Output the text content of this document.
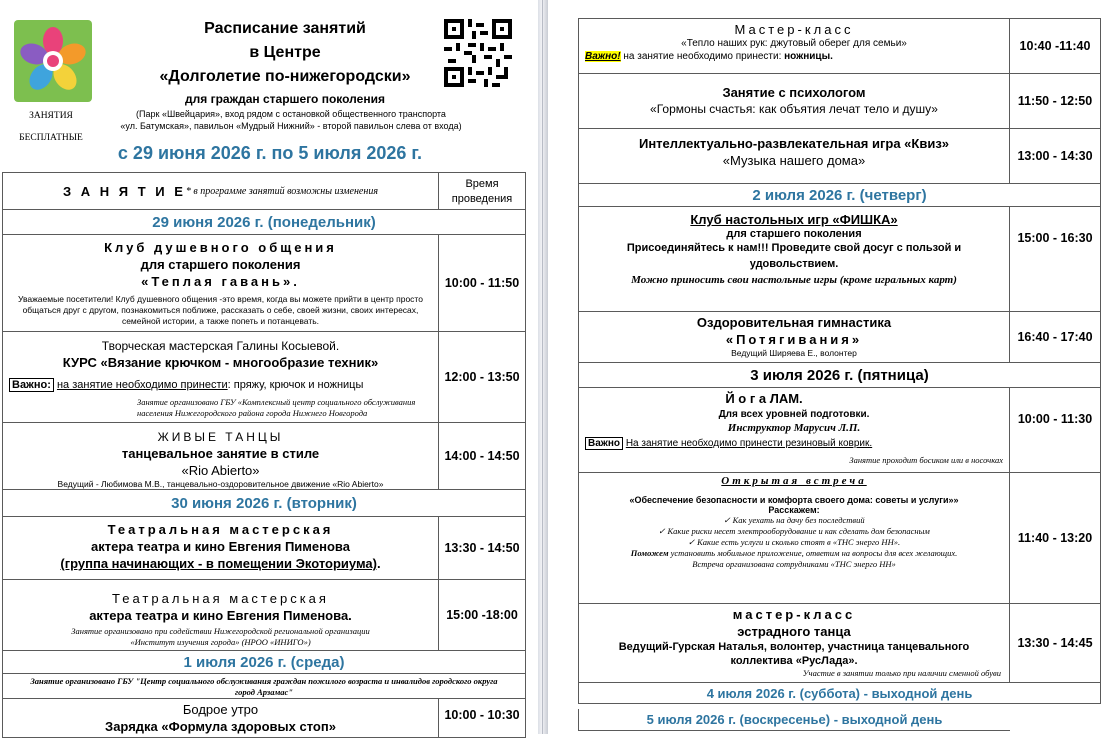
Расписание занятий
в Центре
«Долголетие по-нижегородски»
для граждан старшего поколения
(Парк «Швейцария», вход рядом с остановкой общественного транспорта
«ул. Батумская», павильон «Мудрый Нижний» - второй павильон слева от входа)
ЗАНЯТИЯ
БЕСПЛАТНЫЕ
с 29 июня 2026 г. по 5 июля 2026 г.
З А Н Я Т И Е * в программе занятий возможны изменения
Время проведения
29 июня 2026 г. (понедельник)
Клуб душевного общения
для старшего поколения
«Теплая гавань».
Уважаемые посетители! Клуб душевного общения -это время, когда вы можете прийти в центр просто общаться друг с другом, познакомиться поближе, рассказать о себе, своей жизни, своих интересах, семейной истории, а также попеть и потанцевать.
10:00 - 11:50
Творческая мастерская Галины Косыевой.
КУРС «Вязание крючком - многообразие техник»
Важно: на занятие необходимо принести: пряжу, крючок и ножницы
Занятие организовано ГБУ «Комплексный центр социального обслуживания населения Нижегородского района города Нижнего Новгорода
12:00 - 13:50
ЖИВЫЕ ТАНЦЫ
танцевальное занятие в стиле
«Rio Abierto»
Ведущий - Любимова М.В., танцевально-оздоровительное движение «Rio Abierto»
14:00 - 14:50
30 июня 2026 г. (вторник)
Театральная мастерская
актера театра и кино Евгения Пименова
(группа начинающих - в помещении Экоториума).
13:30 - 14:50
Театральная мастерская
актера театра и кино Евгения Пименова.
Занятие организовано при содействии Нижегородской региональной организации «Институт изучения города» (НРОО «ИНИГО»)
15:00 -18:00
1 июля 2026 г. (среда)
Занятие организовано ГБУ "Центр социального обслуживания граждан пожилого возраста и инвалидов городского округа город Арзамас"
Бодрое утро
Зарядка «Формула здоровых стоп»
10:00 - 10:30
Мастер-класс
«Тепло наших рук: джутовый оберег для семьи»
Важно! на занятие необходимо принести: ножницы.
10:40 -11:40
Занятие с психологом
«Гормоны счастья: как объятия лечат тело и душу»
11:50 - 12:50
Интеллектуально-развлекательная игра «Квиз»
«Музыка нашего дома»	13:00 - 14:30
2 июля 2026 г. (четверг)
Клуб настольных игр «ФИШКА»
для старшего поколения
Присоединяйтесь к нам!!! Проведите свой досуг с пользой и удовольствием.
Можно приносить свои настольные игры (кроме игральных карт)
15:00 - 16:30
Оздоровительная гимнастика
«Потягивания»
Ведущий Ширяева Е., волонтер
16:40 - 17:40
3 июля 2026 г. (пятница)
Й о г а ЛАМ.
Для всех уровней подготовки.
Инструктор Марусич Л.П.
Важно На занятие необходимо принести резиновый коврик.
Занятие проходит босиком или в носочках
10:00 - 11:30
Открытая встреча
«Обеспечение безопасности и комфорта своего дома: советы и услуги»»
Расскажем:
✓ Как уехать на дачу без последствий
✓ Какие риски несет электрооборудование и как сделать дом безопасным
✓ Какие есть услуги и сколько стоят в «ТНС энерго НН».
Поможем установить мобильное приложение, ответим на вопросы для всех желающих.
Встреча организована сотрудниками «ТНС энерго НН»
11:40 - 13:20
мастер-класс
эстрадного танца
Ведущий-Гурская Наталья, волонтер, участница танцевального коллектива «РусЛада».
Участие в занятии только при наличии сменной обуви
13:30 - 14:45
4 июля 2026 г. (суббота) - выходной день
5 июля 2026 г. (воскресенье) - выходной день
